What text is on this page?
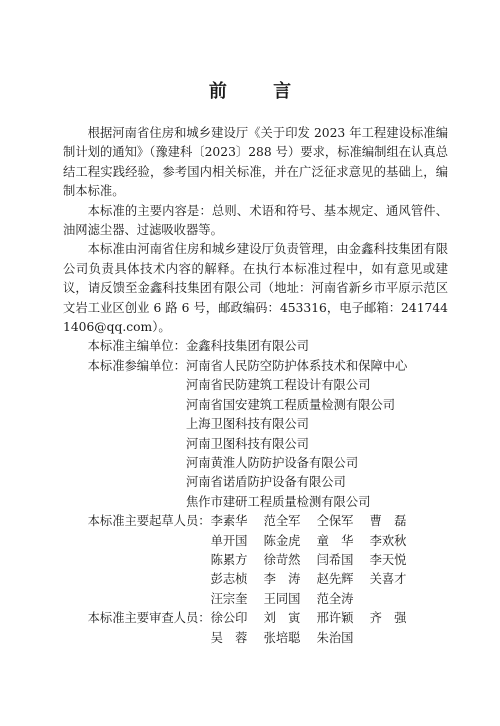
前 言

根据河南省住房和城乡建设厅《关于印发 2023 年工程建设标准编制计划的通知》（豫建科〔2023〕288 号）要求，标准编制组在认真总结工程实践经验，参考国内相关标准，并在广泛征求意见的基础上，编制本标准。

本标准的主要内容是：总则、术语和符号、基本规定、通风管件、油网滤尘器、过滤吸收器等。

本标准由河南省住房和城乡建设厅负责管理，由金鑫科技集团有限公司负责具体技术内容的解释。在执行本标准过程中，如有意见或建议，请反馈至金鑫科技集团有限公司（地址：河南省新乡市平原示范区文岩工业区创业 6 路 6 号，邮政编码：453316，电子邮箱：2417441406@qq.com）。

本标准主编单位： 金鑫科技集团有限公司
本标准参编单位： 河南省人民防空防护体系技术和保障中心
河南省民防建筑工程设计有限公司
河南省国安建筑工程质量检测有限公司
上海卫图科技有限公司
河南卫图科技有限公司
河南黄淮人防防护设备有限公司
河南省诺盾防护设备有限公司
焦作市建研工程质量检测有限公司
本标准主要起草人员： 李素华	范全军	仝保军	曹　磊
单开国	陈金虎	童　华	李欢秋
陈累方	徐苛然	闫希国	李天悦
彭志桢	李　涛	赵先辉	关喜才
汪宗奎	王同国	范全涛
本标准主要审查人员： 徐公印	刘　寅	邢许颖	齐　强
吴　蓉	张培聪	朱治国
